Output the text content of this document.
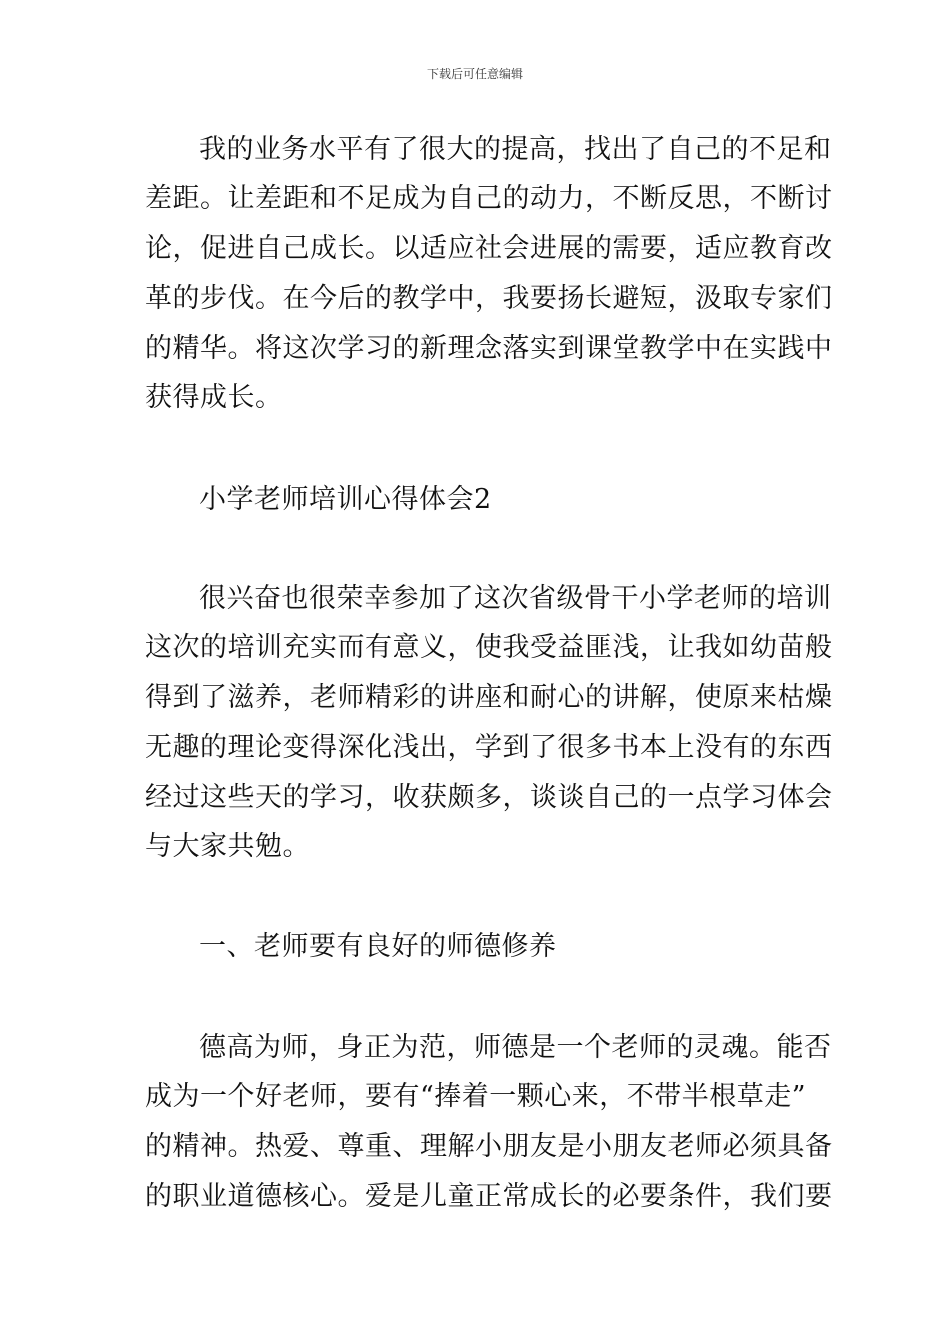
下载后可任意编辑
我的业务水平有了很大的提高，找出了自己的不足和
差距。让差距和不足成为自己的动力，不断反思，不断讨
论，促进自己成长。以适应社会进展的需要，适应教育改
革的步伐。在今后的教学中，我要扬长避短，汲取专家们
的精华。将这次学习的新理念落实到课堂教学中在实践中
获得成长。
小学老师培训心得体会2
很兴奋也很荣幸参加了这次省级骨干小学老师的培训
这次的培训充实而有意义，使我受益匪浅，让我如幼苗般
得到了滋养，老师精彩的讲座和耐心的讲解，使原来枯燥
无趣的理论变得深化浅出，学到了很多书本上没有的东西
经过这些天的学习，收获颇多，谈谈自己的一点学习体会
与大家共勉。
一、老师要有良好的师德修养
德高为师，身正为范，师德是一个老师的灵魂。能否
成为一个好老师，要有“捧着一颗心来，不带半根草走”
的精神。热爱、尊重、理解小朋友是小朋友老师必须具备
的职业道德核心。爱是儿童正常成长的必要条件，我们要
